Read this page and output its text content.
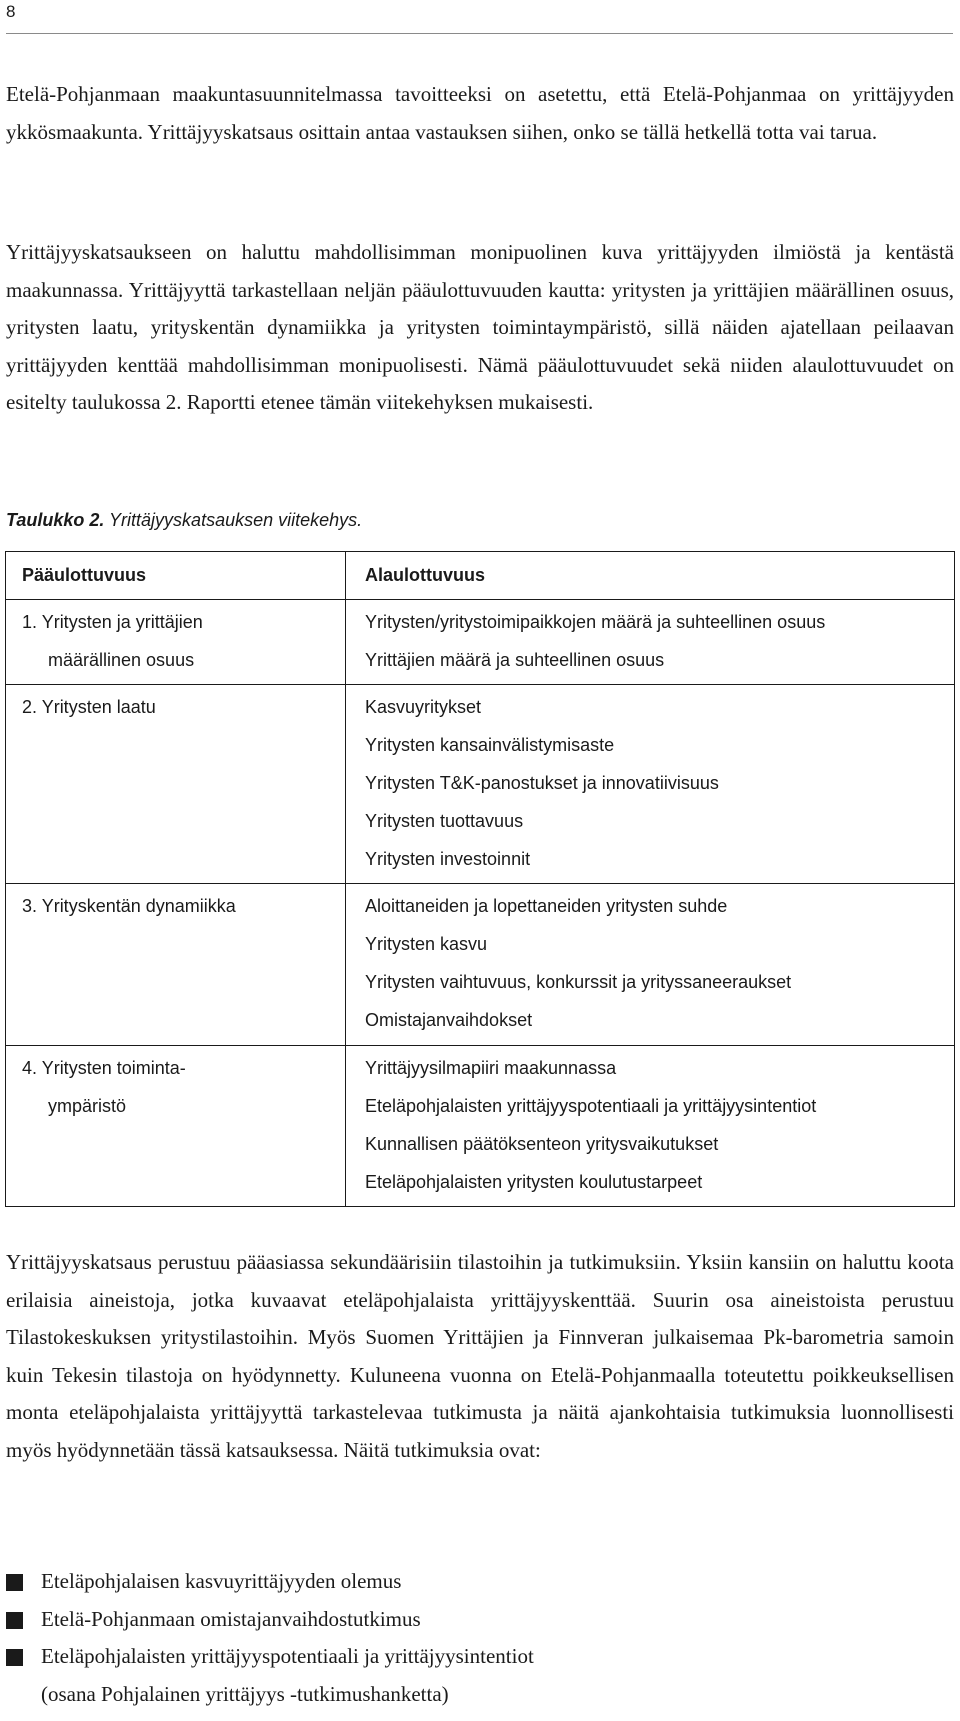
8

Etelä-Pohjanmaan maakuntasuunnitelmassa tavoitteeksi on asetettu, että Etelä-Pohjanmaa on yrittäjyyden ykkösmaakunta. Yrittäjyyskatsaus osittain antaa vastauksen siihen, onko se tällä hetkellä totta vai tarua.

Yrittäjyyskatsaukseen on haluttu mahdollisimman monipuolinen kuva yrittäjyyden ilmiöstä ja kentästä maakunnassa. Yrittäjyyttä tarkastellaan neljän pääulottuvuuden kautta: yritysten ja yrittäjien määrällinen osuus, yritysten laatu, yrityskentän dynamiikka ja yritysten toimintaympäristö, sillä näiden ajatellaan peilaavan yrittäjyyden kenttää mahdollisimman monipuolisesti. Nämä pääulottuvuudet sekä niiden alaulottuvuudet on esitelty taulukossa 2. Raportti etenee tämän viitekehyksen mukaisesti.

Taulukko 2. Yrittäjyyskatsauksen viitekehys.

Pääulottuvuus	Alaulottuvuus

1. Yritysten ja yrittäjien
määrällinen osuus	Yritysten/yritystoimipaikkojen määrä ja suhteellinen osuus
Yrittäjien määrä ja suhteellinen osuus

2. Yritysten laatu	Kasvuyritykset
Yritysten kansainvälistymisaste
Yritysten T&K-panostukset ja innovatiivisuus
Yritysten tuottavuus
Yritysten investoinnit

3. Yrityskentän dynamiikka	Aloittaneiden ja lopettaneiden yritysten suhde
Yritysten kasvu
Yritysten vaihtuvuus, konkurssit ja yrityssaneeraukset
Omistajanvaihdokset

4. Yritysten toiminta-
ympäristö	Yrittäjyysilmapiiri maakunnassa
Eteläpohjalaisten yrittäjyyspotentiaali ja yrittäjyysintentiot
Kunnallisen päätöksenteon yritysvaikutukset
Eteläpohjalaisten yritysten koulutustarpeet

Yrittäjyyskatsaus perustuu pääasiassa sekundäärisiin tilastoihin ja tutkimuksiin. Yksiin kansiin on haluttu koota erilaisia aineistoja, jotka kuvaavat eteläpohjalaista yrittäjyyskenttää. Suurin osa aineistoista perustuu Tilastokeskuksen yritystilastoihin. Myös Suomen Yrittäjien ja Finnveran julkaisemaa Pk-barometria samoin kuin Tekesin tilastoja on hyödynnetty. Kuluneena vuonna on Etelä-Pohjanmaalla toteutettu poikkeuksellisen monta eteläpohjalaista yrittäjyyttä tarkastelevaa tutkimusta ja näitä ajankohtaisia tutkimuksia luonnollisesti myös hyödynnetään tässä katsauksessa. Näitä tutkimuksia ovat:

Eteläpohjalaisen kasvuyrittäjyyden olemus
Etelä-Pohjanmaan omistajanvaihdostutkimus
Eteläpohjalaisten yrittäjyyspotentiaali ja yrittäjyysintentiot
(osana Pohjalainen yrittäjyys -tutkimushanketta)
